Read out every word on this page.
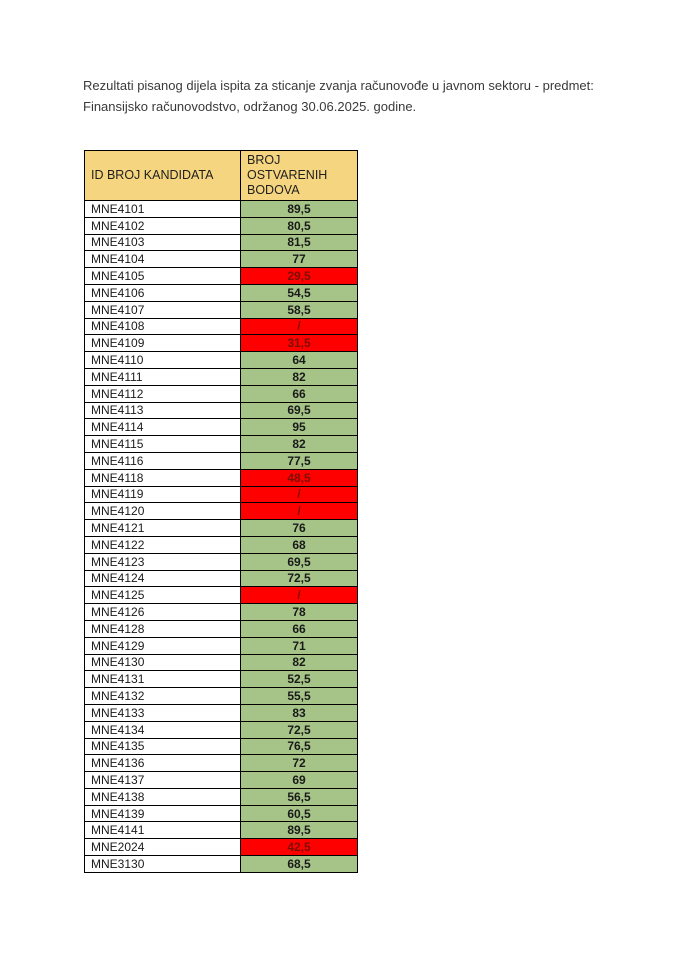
Rezultati pisanog dijela ispita za sticanje zvanja računovođe u javnom sektoru - predmet:
Finansijsko računovodstvo, održanog 30.06.2025. godine.

ID BROJ KANDIDATA	BROJ OSTVARENIH BODOVA
MNE4101	89,5
MNE4102	80,5
MNE4103	81,5
MNE4104	77
MNE4105	29,5
MNE4106	54,5
MNE4107	58,5
MNE4108	/
MNE4109	31,5
MNE4110	64
MNE4111	82
MNE4112	66
MNE4113	69,5
MNE4114	95
MNE4115	82
MNE4116	77,5
MNE4118	48,5
MNE4119	/
MNE4120	/
MNE4121	76
MNE4122	68
MNE4123	69,5
MNE4124	72,5
MNE4125	/
MNE4126	78
MNE4128	66
MNE4129	71
MNE4130	82
MNE4131	52,5
MNE4132	55,5
MNE4133	83
MNE4134	72,5
MNE4135	76,5
MNE4136	72
MNE4137	69
MNE4138	56,5
MNE4139	60,5
MNE4141	89,5
MNE2024	42,5
MNE3130	68,5
